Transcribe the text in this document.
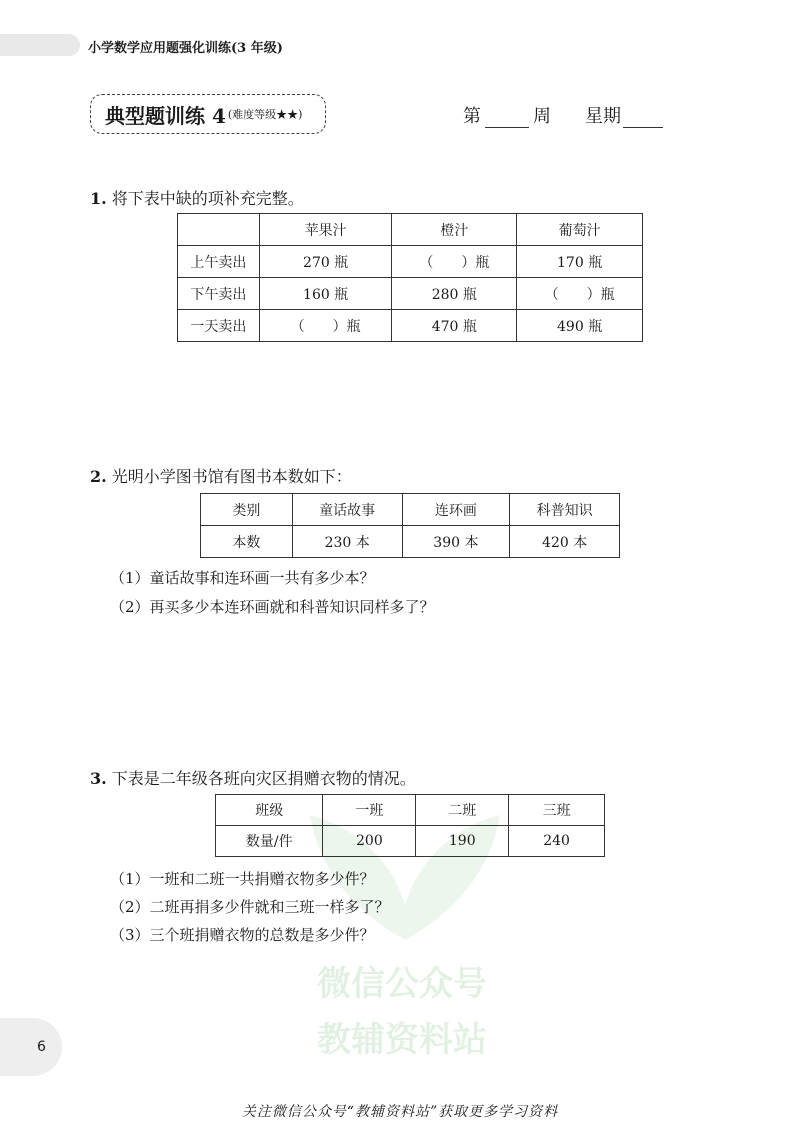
小学数学应用题强化训练(3 年级)
典型题训练 4 (难度等级★★)	第	周 星期
1. 将下表中缺的项补充完整。
	苹果汁	橙汁	葡萄汁
上午卖出	270 瓶	（　　）瓶	170 瓶
下午卖出	160 瓶	280 瓶	（　　）瓶
一天卖出	（　　）瓶	470 瓶	490 瓶
2. 光明小学图书馆有图书本数如下：
类别	童话故事	连环画	科普知识
本数	230 本	390 本	420 本
（1）童话故事和连环画一共有多少本？
（2）再买多少本连环画就和科普知识同样多了？
微信公众号
教辅资料站
3. 下表是二年级各班向灾区捐赠衣物的情况。
班级	一班	二班	三班
数量/件	200	190	240
（1）一班和二班一共捐赠衣物多少件？
（2）二班再捐多少件就和三班一样多了？
（3）三个班捐赠衣物的总数是多少件？
6
关注微信公众号“教辅资料站”获取更多学习资料
